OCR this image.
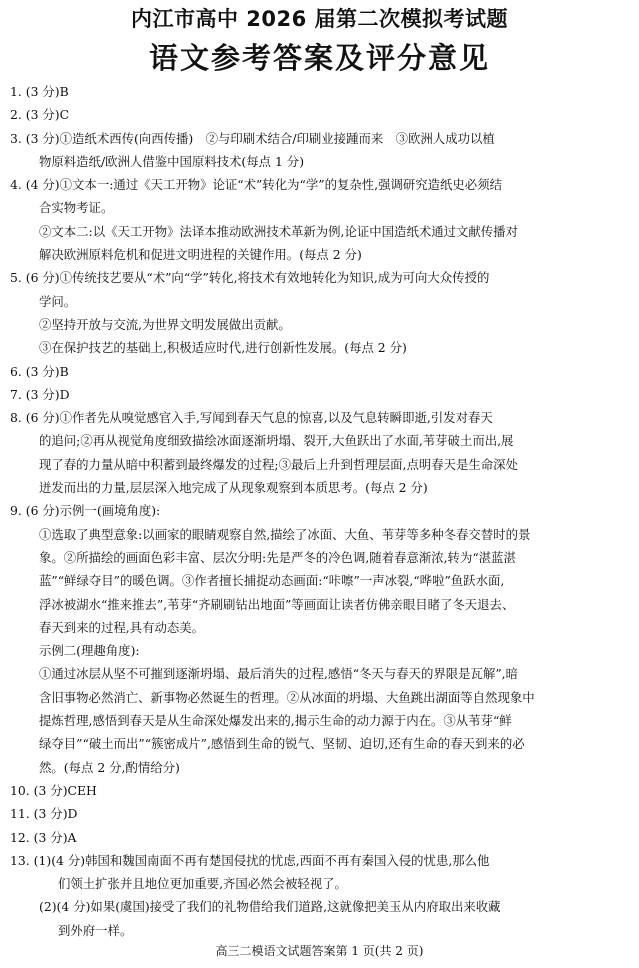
内江市高中 2026 届第二次模拟考试题
语文参考答案及评分意见
1. (3 分)B
2. (3 分)C
3. (3 分)①造纸术西传(向西传播)　②与印刷术结合/印刷业接踵而来　③欧洲人成功以植
物原料造纸/欧洲人借鉴中国原料技术(每点 1 分)
4. (4 分)①文本一:通过《天工开物》论证“术”转化为“学”的复杂性,强调研究造纸史必须结
合实物考证。
②文本二:以《天工开物》法译本推动欧洲技术革新为例,论证中国造纸术通过文献传播对
解决欧洲原料危机和促进文明进程的关键作用。(每点 2 分)
5. (6 分)①传统技艺要从“术”向“学”转化,将技术有效地转化为知识,成为可向大众传授的
学问。
②坚持开放与交流,为世界文明发展做出贡献。
③在保护技艺的基础上,积极适应时代,进行创新性发展。(每点 2 分)
6. (3 分)B
7. (3 分)D
8. (6 分)①作者先从嗅觉感官入手,写闻到春天气息的惊喜,以及气息转瞬即逝,引发对春天
的追问;②再从视觉角度细致描绘冰面逐渐坍塌、裂开,大鱼跃出了水面,苇芽破土而出,展
现了春的力量从暗中积蓄到最终爆发的过程;③最后上升到哲理层面,点明春天是生命深处
迸发而出的力量,层层深入地完成了从现象观察到本质思考。(每点 2 分)
9. (6 分)示例一(画境角度):
①选取了典型意象:以画家的眼睛观察自然,描绘了冰面、大鱼、苇芽等多种冬春交替时的景
象。②所描绘的画面色彩丰富、层次分明:先是严冬的冷色调,随着春意渐浓,转为“湛蓝湛
蓝”“鲜绿夺目”的暖色调。③作者擅长捕捉动态画面:“咔嚓”一声冰裂,“哗啦”鱼跃水面,
浮冰被湖水“推来推去”,苇芽“齐刷刷钻出地面”等画面让读者仿佛亲眼目睹了冬天退去、
春天到来的过程,具有动态美。
示例二(理趣角度):
①通过冰层从坚不可摧到逐渐坍塌、最后消失的过程,感悟“冬天与春天的界限是瓦解”,暗
含旧事物必然消亡、新事物必然诞生的哲理。②从冰面的坍塌、大鱼跳出湖面等自然现象中
提炼哲理,感悟到春天是从生命深处爆发出来的,揭示生命的动力源于内在。③从苇芽“鲜
绿夺目”“破土而出”“簇密成片”,感悟到生命的锐气、坚韧、迫切,还有生命的春天到来的必
然。(每点 2 分,酌情给分)
10. (3 分)CEH
11. (3 分)D
12. (3 分)A
13. (1)(4 分)韩国和魏国南面不再有楚国侵扰的忧虑,西面不再有秦国入侵的忧患,那么他
们领土扩张并且地位更加重要,齐国必然会被轻视了。
(2)(4 分)如果(虞国)接受了我们的礼物借给我们道路,这就像把美玉从内府取出来收藏
到外府一样。
高三二模语文试题答案第 1 页(共 2 页)
